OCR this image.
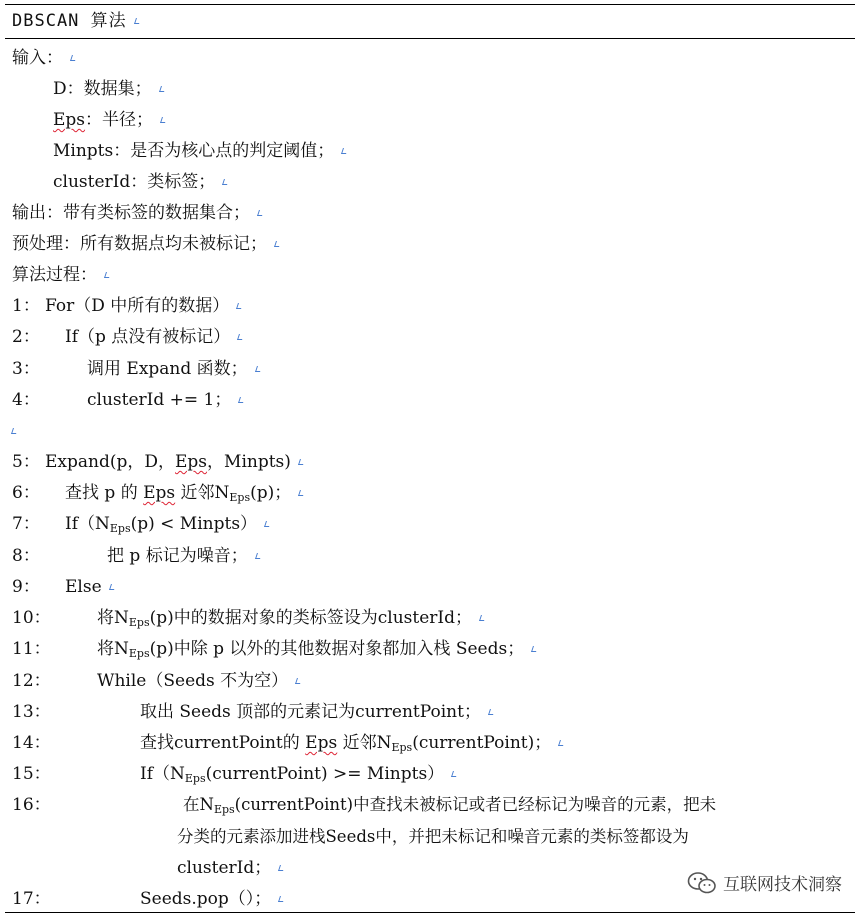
DBSCAN 算法
输入：
D：数据集；
Eps：半径；
Minpts：是否为核心点的判定阈值；
clusterId：类标签；
输出：带有类标签的数据集合；
预处理：所有数据点均未被标记；
算法过程：
1： For（D 中所有的数据）
2： If（p 点没有被标记）
3：	调用 Expand 函数；
4：	clusterId += 1；
5： Expand(p，D，Eps，Minpts)
6： 查找 p 的 Eps 近邻$N_{Eps}(p)$；
7： $If(N_{Eps}(p)$ < Minpts）
8：	把 p 标记为噪音；
9： Else
10：	将$N_{Eps}(p)$中的数据对象的类标签设为clusterId；
11：	将$N_{Eps}(p)$中除 p 以外的其他数据对象都加入栈 Seeds；
12：	While（Seeds 不为空）
13：	取出 Seeds 顶部的元素记为currentPoint；
14：	查找currentPoint的 Eps 近邻$N_{Eps}(currentPoint)$；
15：	$If(N_{Eps}(currentPoint)$ >= Minpts）
16：	在$N_{Eps}(currentPoint)$中查找未被标记或者已经标记为噪音的元素，把未
分类的元素添加进栈Seeds中，并把未标记和噪音元素的类标签都设为
clusterId；
17：	Seeds.pop（）；
互联网技术洞察
